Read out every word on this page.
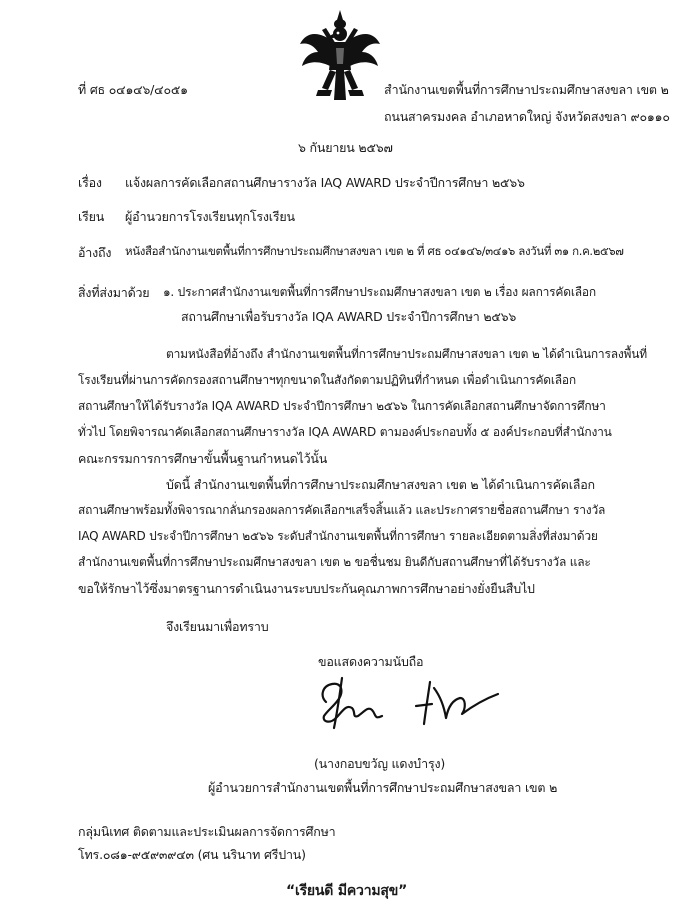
ที่ ศธ ๐๔๑๔๖/๔๐๕๑	สำนักงานเขตพื้นที่การศึกษาประถมศึกษาสงขลา เขต ๒
ถนนสาครมงคล อำเภอหาดใหญ่ จังหวัดสงขลา ๙๐๑๑๐
๖ กันยายน ๒๕๖๗
เรื่อง แจ้งผลการคัดเลือกสถานศึกษารางวัล IAQ AWARD ประจำปีการศึกษา ๒๕๖๖
เรียน ผู้อำนวยการโรงเรียนทุกโรงเรียน
อ้างถึง หนังสือสำนักงานเขตพื้นที่การศึกษาประถมศึกษาสงขลา เขต ๒ ที่ ศธ ๐๔๑๔๖/๓๔๑๖ ลงวันที่ ๓๑ ก.ค.๒๕๖๗
สิ่งที่ส่งมาด้วย ๑. ประกาศสำนักงานเขตพื้นที่การศึกษาประถมศึกษาสงขลา เขต ๒ เรื่อง ผลการคัดเลือก
สถานศึกษาเพื่อรับรางวัล IQA AWARD ประจำปีการศึกษา ๒๕๖๖
ตามหนังสือที่อ้างถึง สำนักงานเขตพื้นที่การศึกษาประถมศึกษาสงขลา เขต ๒ ได้ดำเนินการลงพื้นที่
โรงเรียนที่ผ่านการคัดกรองสถานศึกษาฯทุกขนาดในสังกัดตามปฏิทินที่กำหนด เพื่อดำเนินการคัดเลือก
สถานศึกษาให้ได้รับรางวัล IQA AWARD ประจำปีการศึกษา ๒๕๖๖ ในการคัดเลือกสถานศึกษาจัดการศึกษา
ทั่วไป โดยพิจารณาคัดเลือกสถานศึกษารางวัล IQA AWARD ตามองค์ประกอบทั้ง ๕ องค์ประกอบที่สำนักงาน
คณะกรรมการการศึกษาขั้นพื้นฐานกำหนดไว้นั้น
บัดนี้ สำนักงานเขตพื้นที่การศึกษาประถมศึกษาสงขลา เขต ๒ ได้ดำเนินการคัดเลือก
สถานศึกษาพร้อมทั้งพิจารณากลั่นกรองผลการคัดเลือกฯเสร็จสิ้นแล้ว และประกาศรายชื่อสถานศึกษา รางวัล
IAQ AWARD ประจำปีการศึกษา ๒๕๖๖ ระดับสำนักงานเขตพื้นที่การศึกษา รายละเอียดตามสิ่งที่ส่งมาด้วย
สำนักงานเขตพื้นที่การศึกษาประถมศึกษาสงขลา เขต ๒ ขอชื่นชม ยินดีกับสถานศึกษาที่ได้รับรางวัล และ
ขอให้รักษาไว้ซึ่งมาตรฐานการดำเนินงานระบบประกันคุณภาพการศึกษาอย่างยั่งยืนสืบไป
จึงเรียนมาเพื่อทราบ
ขอแสดงความนับถือ
(นางกอบขวัญ แดงบำรุง)
ผู้อำนวยการสำนักงานเขตพื้นที่การศึกษาประถมศึกษาสงขลา เขต ๒
กลุ่มนิเทศ ติดตามและประเมินผลการจัดการศึกษา
โทร.๐๘๑-๙๕๙๓๙๔๓ (ศน นรินาท ศรีปาน)
“เรียนดี มีความสุข”
